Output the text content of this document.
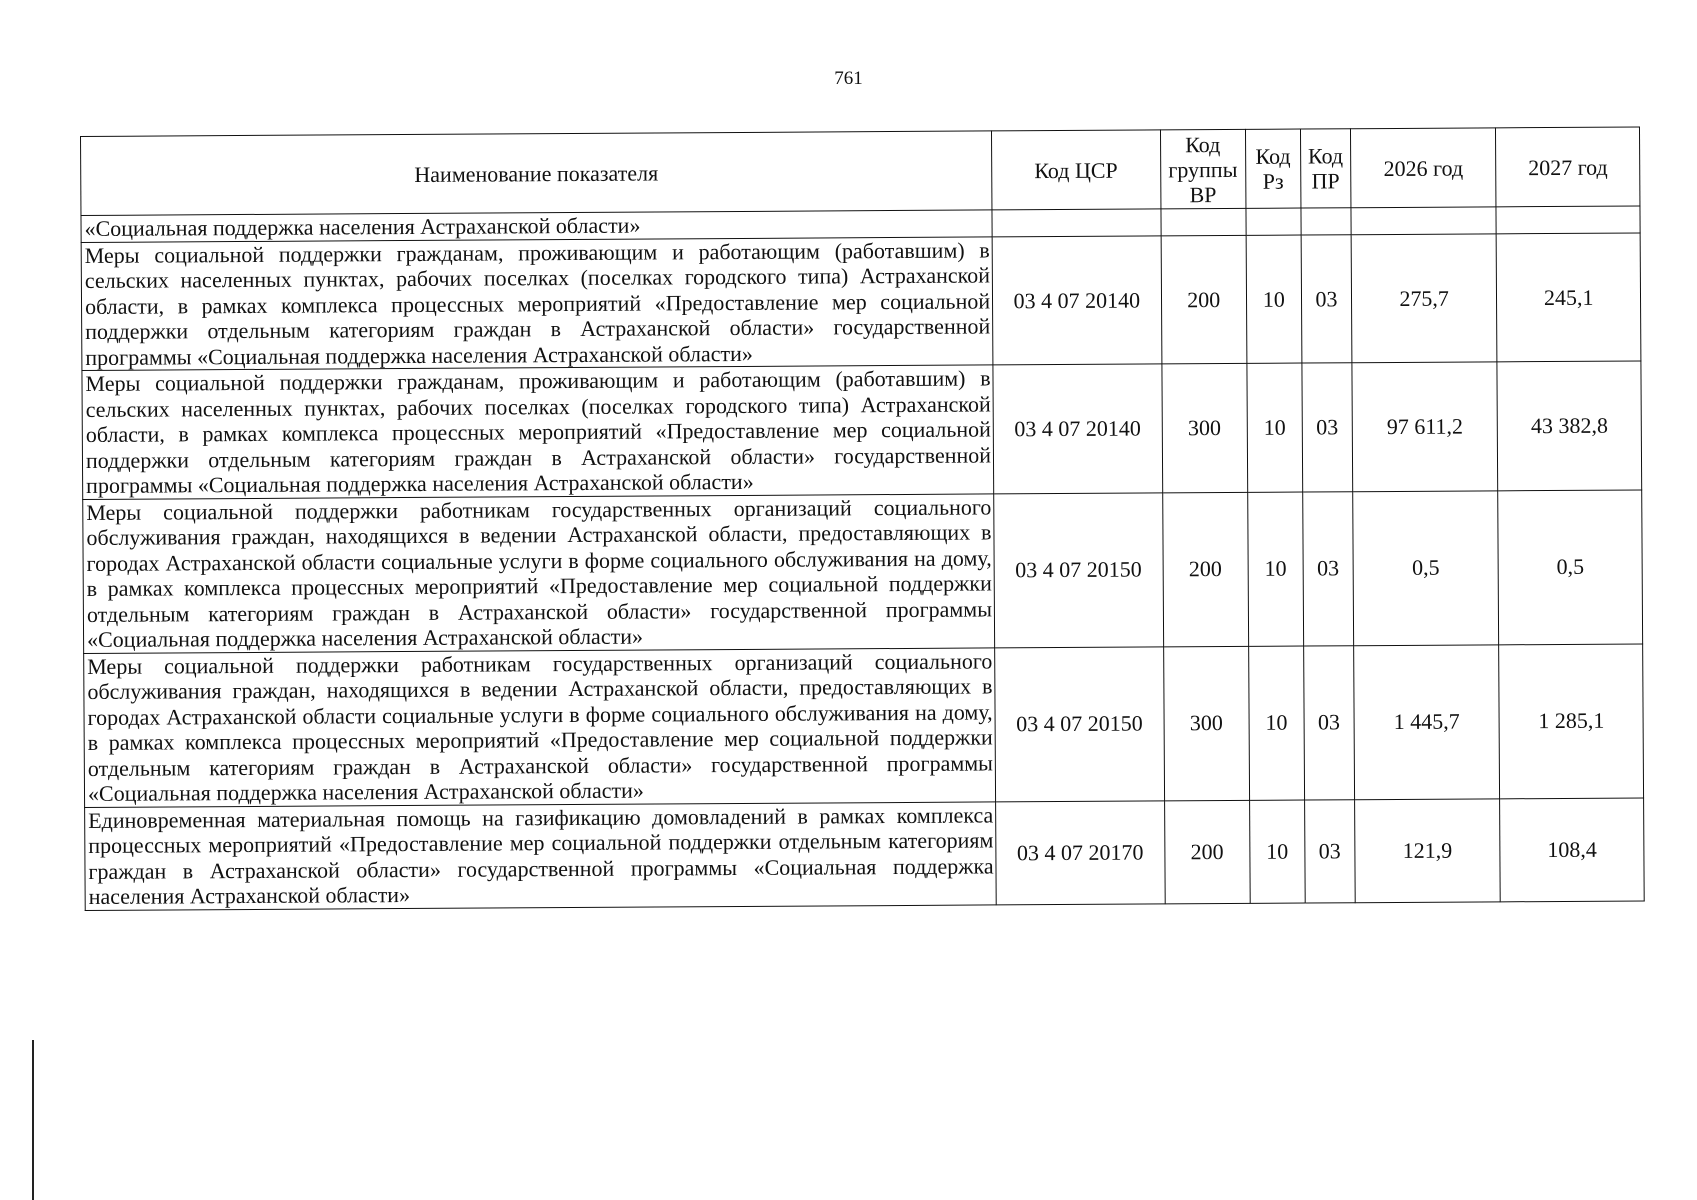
761
Наименование показателя	Код ЦСР	Код группы ВР	Код Рз	Код ПР	2026 год	2027 год
«Социальная поддержка населения Астраханской области»						
Меры социальной поддержки гражданам, проживающим и работающим (работавшим) в сельских населенных пунктах, рабочих поселках (поселках городского типа) Астраханской области, в рамках комплекса процессных мероприятий «Предоставление мер социальной поддержки отдельным категориям граждан в Астраханской области» государственной программы «Социальная поддержка населения Астраханской области»	03 4 07 20140	200	10	03	275,7	245,1
Меры социальной поддержки гражданам, проживающим и работающим (работавшим) в сельских населенных пунктах, рабочих поселках (поселках городского типа) Астраханской области, в рамках комплекса процессных мероприятий «Предоставление мер социальной поддержки отдельным категориям граждан в Астраханской области» государственной программы «Социальная поддержка населения Астраханской области»	03 4 07 20140	300	10	03	97 611,2	43 382,8
Меры социальной поддержки работникам государственных организаций социального обслуживания граждан, находящихся в ведении Астраханской области, предоставляющих в городах Астраханской области социальные услуги в форме социального обслуживания на дому, в рамках комплекса процессных мероприятий «Предоставление мер социальной поддержки отдельным категориям граждан в Астраханской области» государственной программы «Социальная поддержка населения Астраханской области»	03 4 07 20150	200	10	03	0,5	0,5
Меры социальной поддержки работникам государственных организаций социального обслуживания граждан, находящихся в ведении Астраханской области, предоставляющих в городах Астраханской области социальные услуги в форме социального обслуживания на дому, в рамках комплекса процессных мероприятий «Предоставление мер социальной поддержки отдельным категориям граждан в Астраханской области» государственной программы «Социальная поддержка населения Астраханской области»	03 4 07 20150	300	10	03	1 445,7	1 285,1
Единовременная материальная помощь на газификацию домовладений в рамках комплекса процессных мероприятий «Предоставление мер социальной поддержки отдельным категориям граждан в Астраханской области» государственной программы «Социальная поддержка населения Астраханской области»	03 4 07 20170	200	10	03	121,9	108,4
